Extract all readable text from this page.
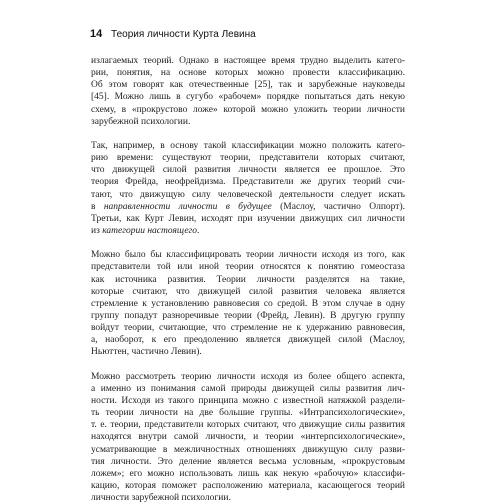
14 Теория личности Курта Левина
излагаемых теорий. Однако в настоящее время трудно выделить катего-
рии, понятия, на основе которых можно провести классификацию.
Об этом говорят как отечественные [25], так и зарубежные науковеды
[45]. Можно лишь в сугубо «рабочем» порядке попытаться дать некую
схему, в «прокрустово ложе» которой можно уложить теории личности
зарубежной психологии.
Так, например, в основу такой классификации можно положить катего-
рию времени: существуют теории, представители которых считают,
что движущей силой развития личности является ее прошлое. Это
теория Фрейда, неофрейдизма. Представители же других теорий счи-
тают, что движущую силу человеческой деятельности следует искать
в направленности личности в будущее (Маслоу, частично Олпорт).
Третьи, как Курт Левин, исходят при изучении движущих сил личности
из категории настоящего.
Можно было бы классифицировать теории личности исходя из того, как
представители той или иной теории относятся к понятию гомеостаза
как источника развития. Теории личности разделятся на такие,
которые считают, что движущей силой развития человека является
стремление к установлению равновесия со средой. В этом случае в одну
группу попадут разноречивые теории (Фрейд, Левин). В другую группу
войдут теории, считающие, что стремление не к удержанию равновесия,
а, наоборот, к его преодолению является движущей силой (Маслоу,
Ньюттен, частично Левин).
Можно рассмотреть теорию личности исходя из более общего аспекта,
а именно из понимания самой природы движущей силы развития лич-
ности. Исходя из такого принципа можно с известной натяжкой раздели-
ть теории личности на две большие группы. «Интрапсихологические»,
т. е. теории, представители которых считают, что движущие силы развития
находятся внутри самой личности, и теории «интерпсихологические»,
усматривающие в межличностных отношениях движущую силу разви-
тия личности. Это деление является весьма условным, «прокрустовым
ложем»; его можно использовать лишь как некую «рабочую» классифи-
кацию, которая поможет расположению материала, касающегося теорий
личности зарубежной психологии.
